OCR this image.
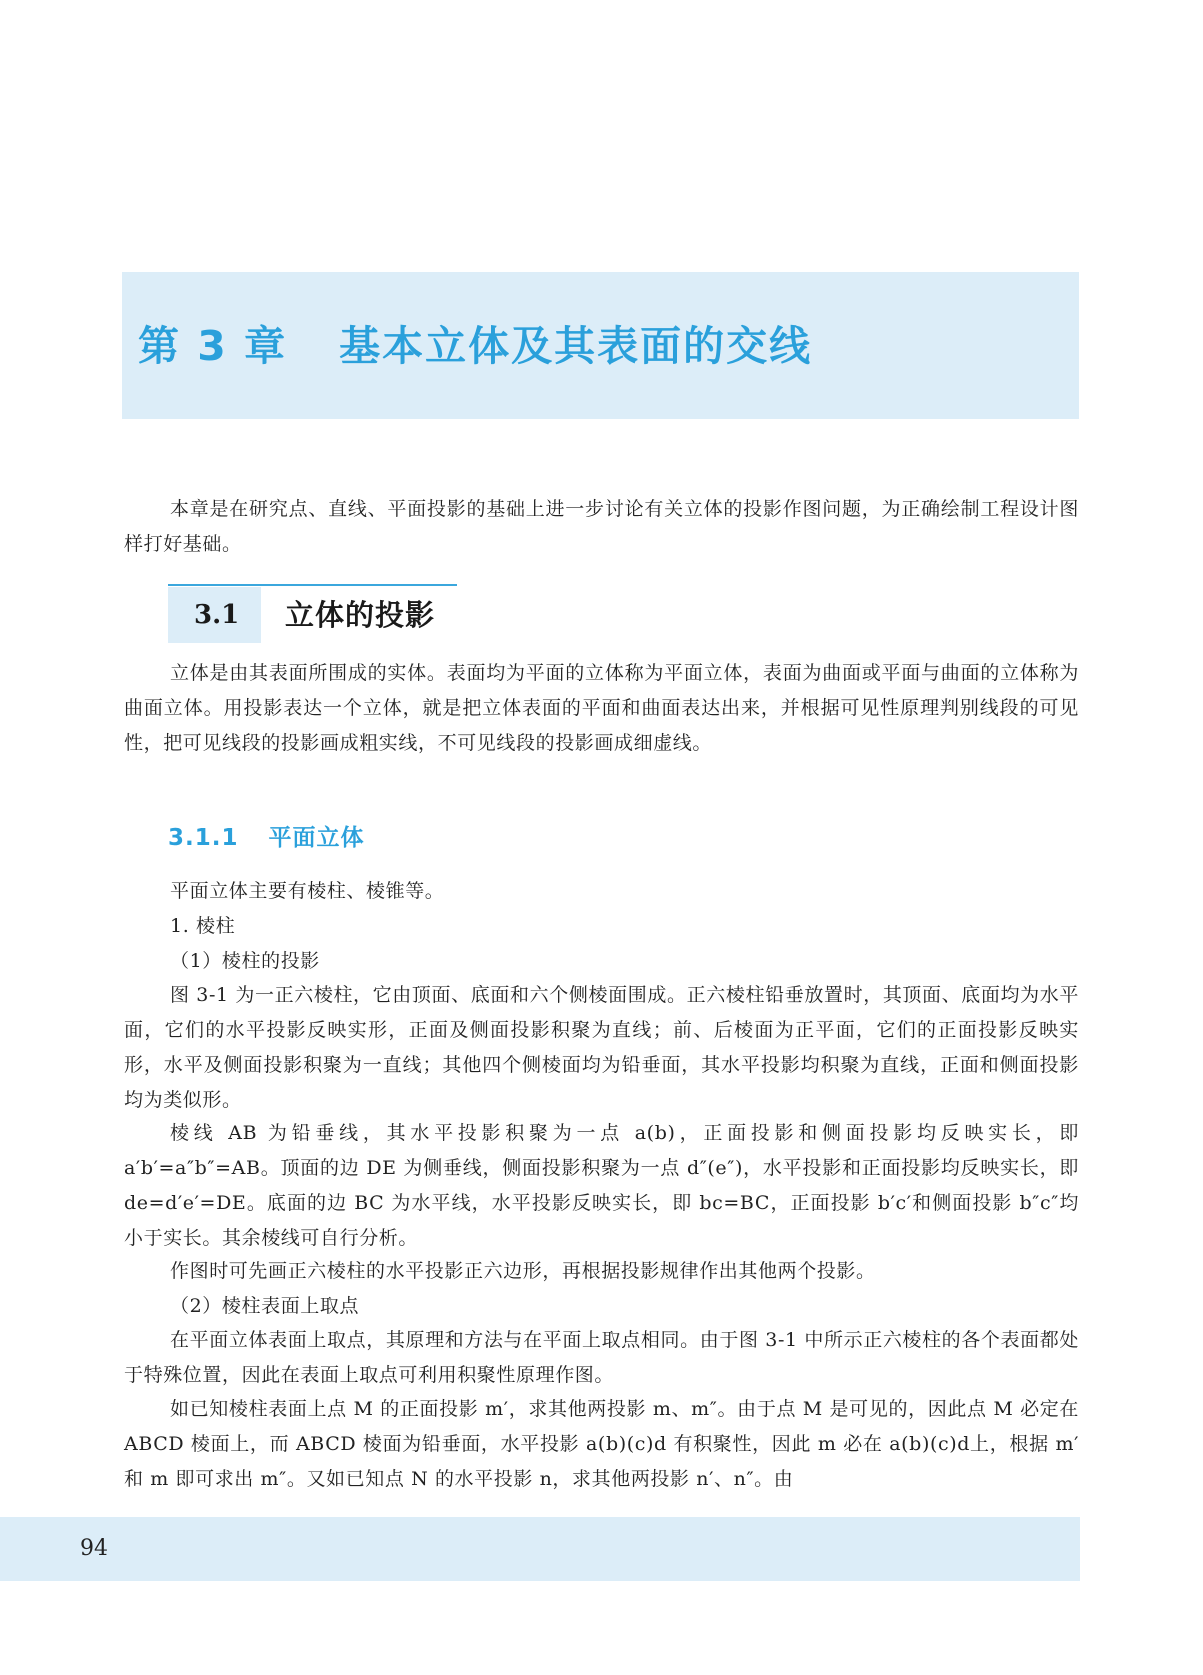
第 3 章 基本立体及其表面的交线

本章是在研究点、直线、平面投影的基础上进一步讨论有关立体的投影作图问题，为正确绘制工程设计图样打好基础。

3.1 立体的投影

立体是由其表面所围成的实体。表面均为平面的立体称为平面立体，表面为曲面或平面与曲面的立体称为曲面立体。用投影表达一个立体，就是把立体表面的平面和曲面表达出来，并根据可见性原理判别线段的可见性，把可见线段的投影画成粗实线，不可见线段的投影画成细虚线。

3.1.1 平面立体

平面立体主要有棱柱、棱锥等。

1. 棱柱

（1）棱柱的投影

图 3-1 为一正六棱柱，它由顶面、底面和六个侧棱面围成。正六棱柱铅垂放置时，其顶面、底面均为水平面，它们的水平投影反映实形，正面及侧面投影积聚为直线；前、后棱面为正平面，它们的正面投影反映实形，水平及侧面投影积聚为一直线；其他四个侧棱面均为铅垂面，其水平投影均积聚为直线，正面和侧面投影均为类似形。

棱线 AB 为铅垂线，其水平投影积聚为一点 a(b)，正面投影和侧面投影均反映实长，即 a′b′=a″b″=AB。顶面的边 DE 为侧垂线，侧面投影积聚为一点 d″(e″)，水平投影和正面投影均反映实长，即 de=d′e′=DE。底面的边 BC 为水平线，水平投影反映实长，即 bc=BC，正面投影 b′c′和侧面投影 b″c″均小于实长。其余棱线可自行分析。

作图时可先画正六棱柱的水平投影正六边形，再根据投影规律作出其他两个投影。

（2）棱柱表面上取点

在平面立体表面上取点，其原理和方法与在平面上取点相同。由于图 3-1 中所示正六棱柱的各个表面都处于特殊位置，因此在表面上取点可利用积聚性原理作图。

如已知棱柱表面上点 M 的正面投影 m′，求其他两投影 m、m″。由于点 M 是可见的，因此点 M 必定在 ABCD 棱面上，而 ABCD 棱面为铅垂面，水平投影 a(b)(c)d 有积聚性，因此 m 必在 a(b)(c)d上，根据 m′和 m 即可求出 m″。又如已知点 N 的水平投影 n，求其他两投影 n′、n″。由

94
